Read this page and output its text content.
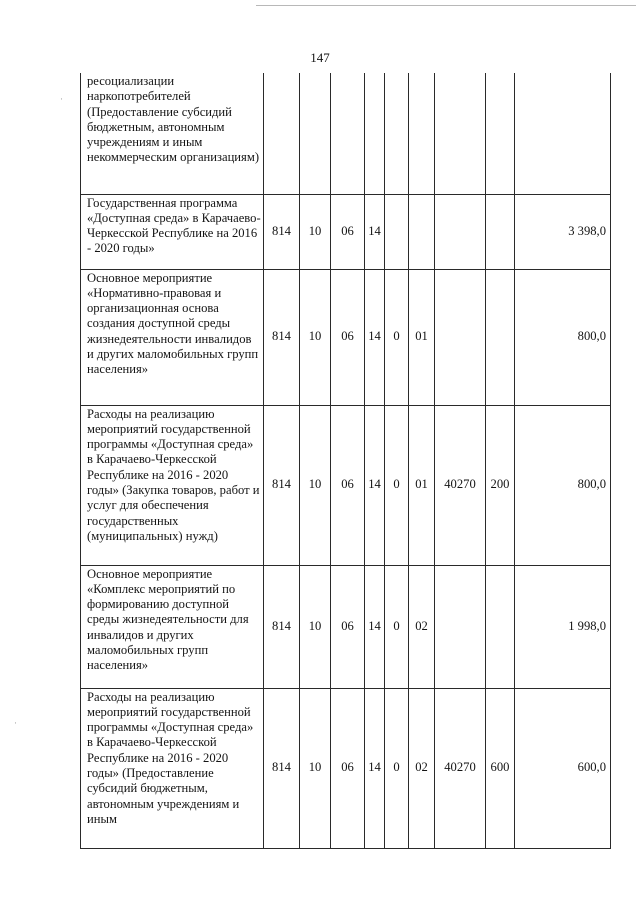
147
ресоциализации наркопотребителей (Предоставление субсидий бюджетным, автономным учреждениям и иным некоммерческим организациям)									
Государственная программа «Доступная среда» в Карачаево-Черкесской Республике на 2016 - 2020 годы»	814	10	06	14					3 398,0
Основное мероприятие «Нормативно-правовая и организационная основа создания доступной среды жизнедеятельности инвалидов и других маломобильных групп населения»	814	10	06	14	0	01			800,0
Расходы на реализацию мероприятий государственной программы «Доступная среда» в Карачаево-Черкесской Республике на 2016 - 2020 годы» (Закупка товаров, работ и услуг для обеспечения государственных (муниципальных) нужд)	814	10	06	14	0	01	40270	200	800,0
Основное мероприятие «Комплекс мероприятий по формированию доступной среды жизнедеятельности для инвалидов и других маломобильных групп населения»	814	10	06	14	0	02			1 998,0
Расходы на реализацию мероприятий государственной программы «Доступная среда» в Карачаево-Черкесской Республике на 2016 - 2020 годы» (Предоставление субсидий бюджетным, автономным учреждениям и иным	814	10	06	14	0	02	40270	600	600,0
·
·
